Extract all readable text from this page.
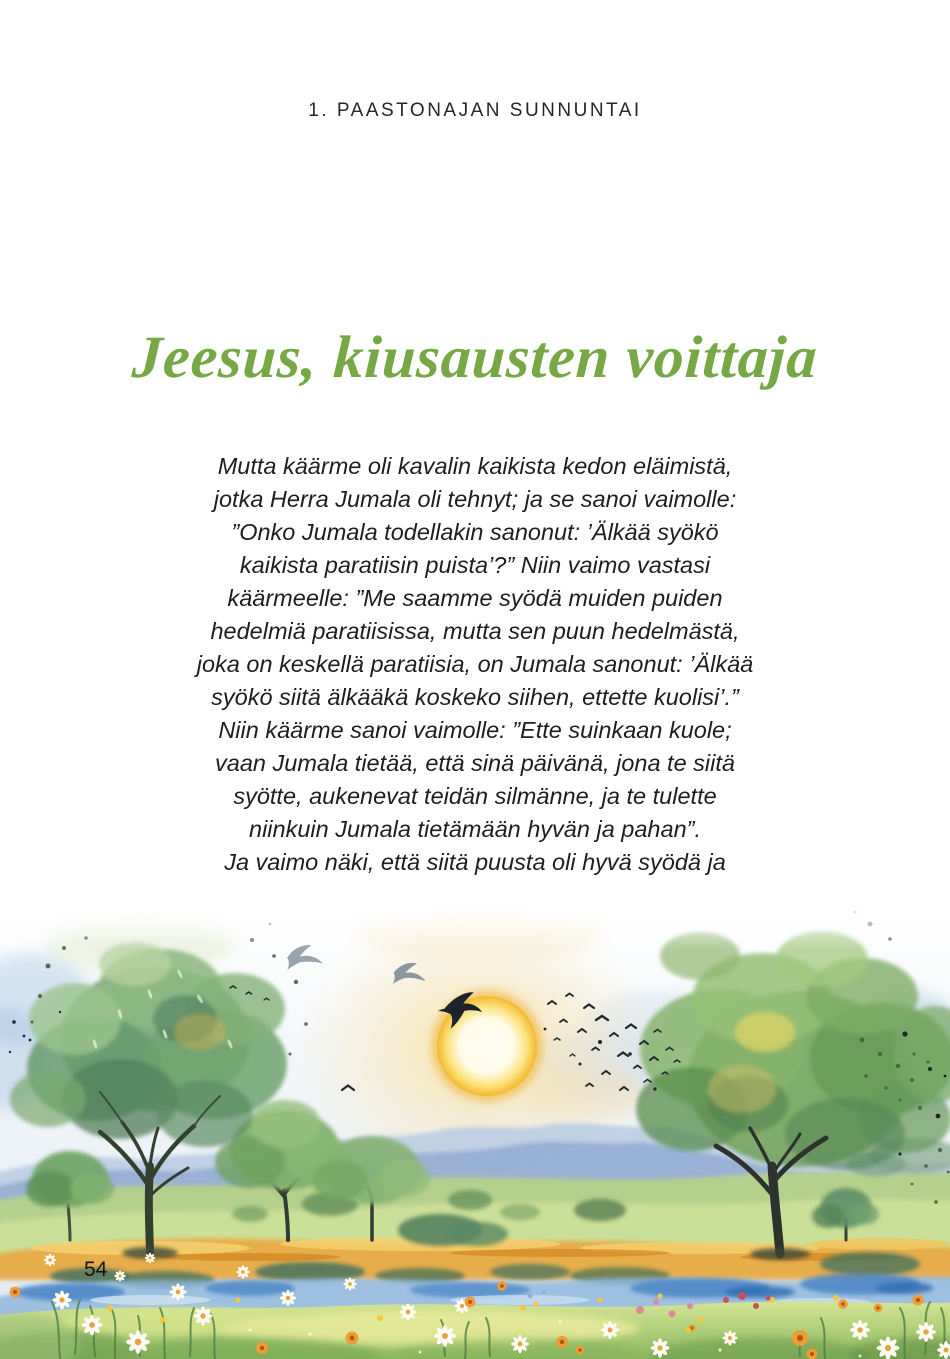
1. PAASTONAJAN SUNNUNTAI
Jeesus, kiusausten voittaja

Mutta käärme oli kavalin kaikista kedon eläimistä,

jotka Herra Jumala oli tehnyt; ja se sanoi vaimolle:

”Onko Jumala todellakin sanonut: ’Älkää syökö

kaikista paratiisin puista’?” Niin vaimo vastasi

käärmeelle: ”Me saamme syödä muiden puiden

hedelmiä paratiisissa, mutta sen puun hedelmästä,

joka on keskellä paratiisia, on Jumala sanonut: ’Älkää

syökö siitä älkääkä koskeko siihen, ettette kuolisi’.”

Niin käärme sanoi vaimolle: ”Ette suinkaan kuole;

vaan Jumala tietää, että sinä päivänä, jona te siitä

syötte, aukenevat teidän silmänne, ja te tulette

niinkuin Jumala tietämään hyvän ja pahan”.

Ja vaimo näki, että siitä puusta oli hyvä syödä ja

54
